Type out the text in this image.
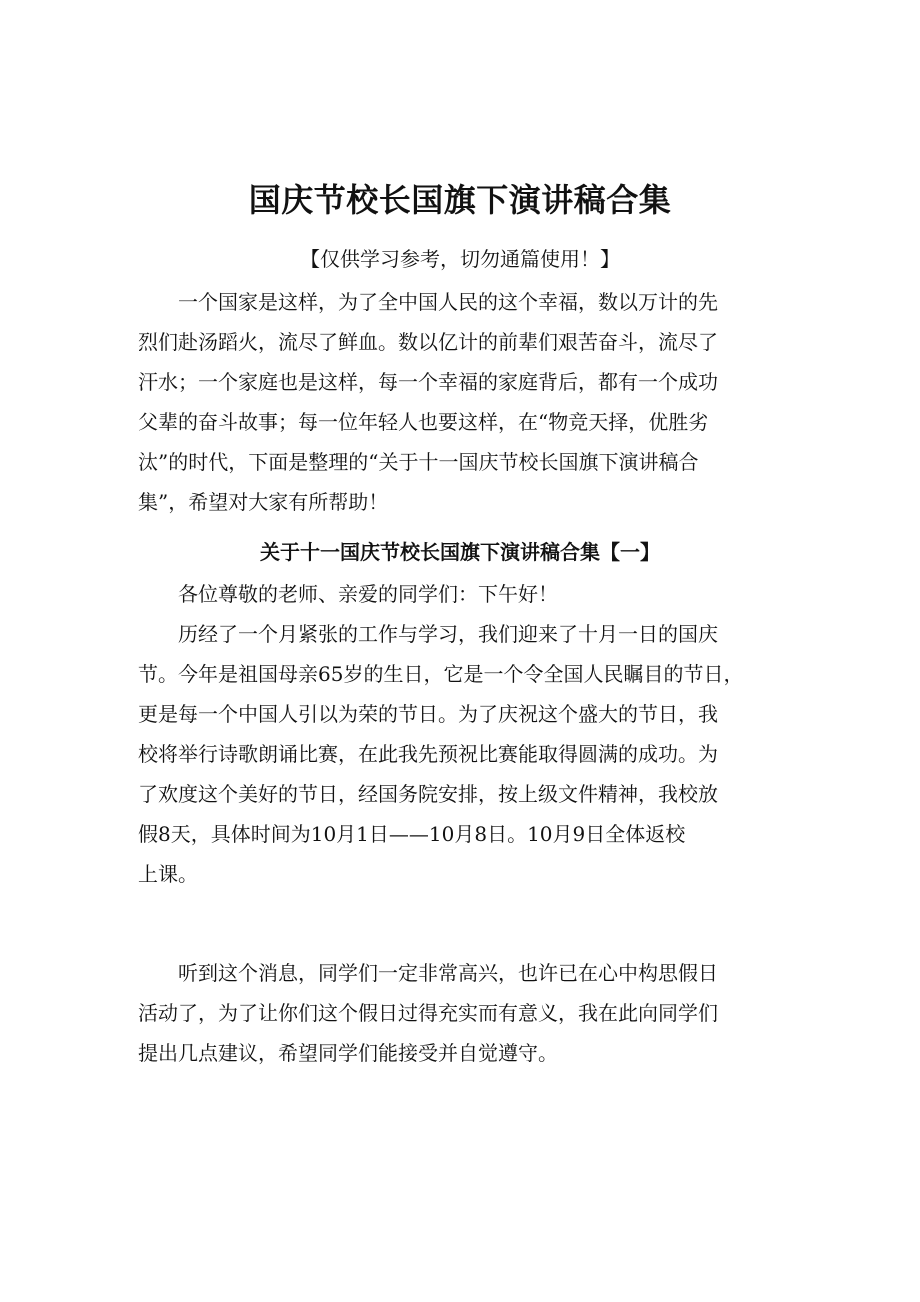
国庆节校长国旗下演讲稿合集
【仅供学习参考，切勿通篇使用！】
　　一个国家是这样，为了全中国人民的这个幸福，数以万计的先
烈们赴汤蹈火，流尽了鲜血。数以亿计的前辈们艰苦奋斗，流尽了
汗水；一个家庭也是这样，每一个幸福的家庭背后，都有一个成功
父辈的奋斗故事；每一位年轻人也要这样，在“物竞天择，优胜劣
汰”的时代，下面是整理的“关于十一国庆节校长国旗下演讲稿合
集”，希望对大家有所帮助！
关于十一国庆节校长国旗下演讲稿合集【一】
　　各位尊敬的老师、亲爱的同学们：下午好！
　　历经了一个月紧张的工作与学习，我们迎来了十月一日的国庆
节。今年是祖国母亲65岁的生日，它是一个令全国人民瞩目的节日，
更是每一个中国人引以为荣的节日。为了庆祝这个盛大的节日，我
校将举行诗歌朗诵比赛，在此我先预祝比赛能取得圆满的成功。为
了欢度这个美好的节日，经国务院安排，按上级文件精神，我校放
假8天，具体时间为10月1日——10月8日。10月9日全体返校
上课。
　　听到这个消息，同学们一定非常高兴，也许已在心中构思假日
活动了，为了让你们这个假日过得充实而有意义，我在此向同学们
提出几点建议，希望同学们能接受并自觉遵守。
